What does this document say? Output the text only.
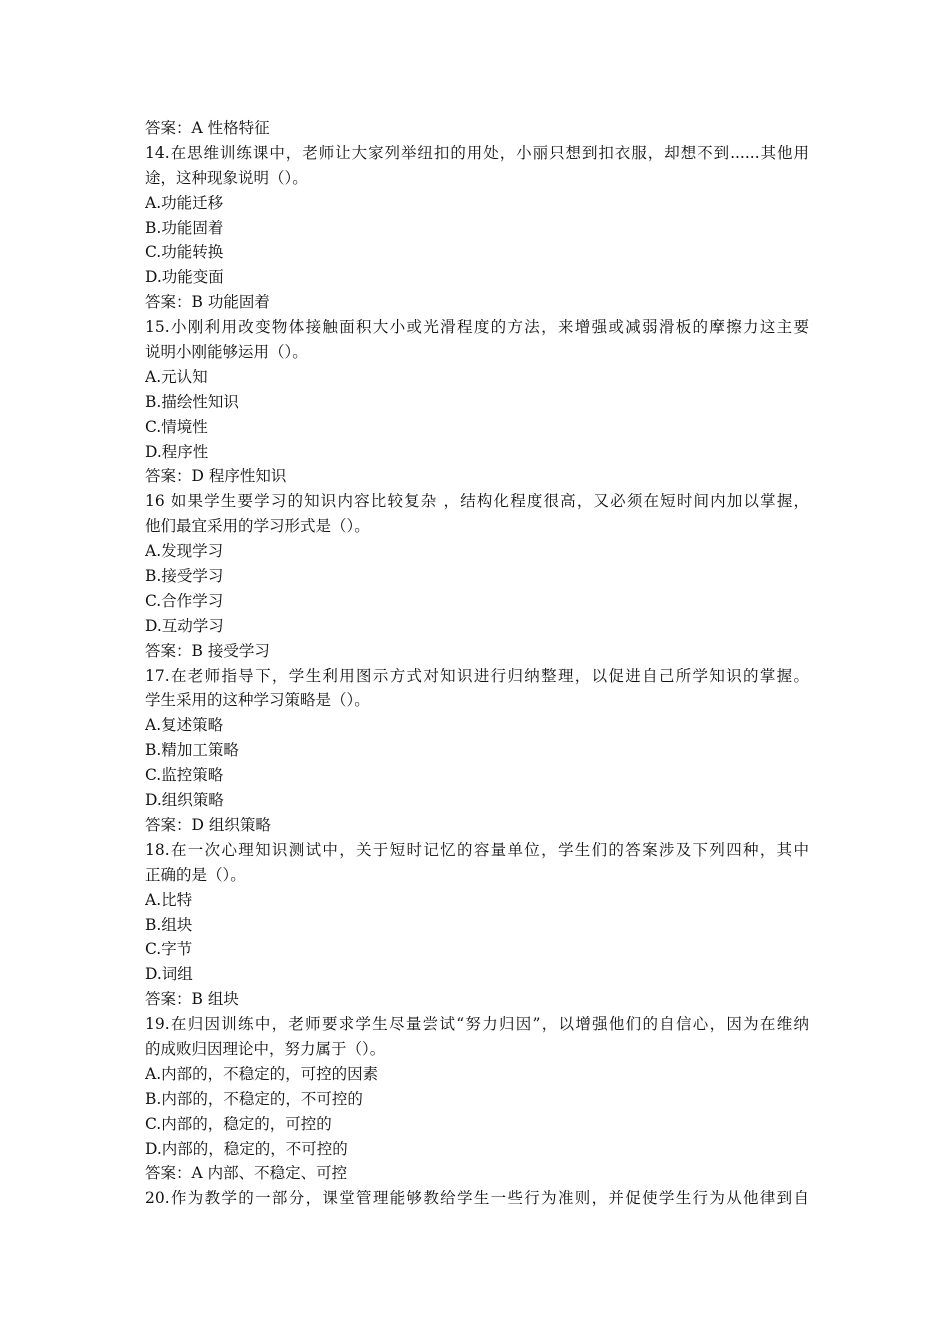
答案：A 性格特征
14.在思维训练课中，老师让大家列举纽扣的用处，小丽只想到扣衣服，却想不到......其他用
途，这种现象说明（）。
A.功能迁移
B.功能固着
C.功能转换
D.功能变面
答案：B 功能固着
15.小刚利用改变物体接触面积大小或光滑程度的方法，来增强或减弱滑板的摩擦力这主要
说明小刚能够运用（）。
A.元认知
B.描绘性知识
C.情境性
D.程序性
答案：D 程序性知识
16 如果学生要学习的知识内容比较复杂 ，结构化程度很高，又必须在短时间内加以掌握，
他们最宜采用的学习形式是（）。
A.发现学习
B.接受学习
C.合作学习
D.互动学习
答案：B 接受学习
17.在老师指导下，学生利用图示方式对知识进行归纳整理，以促进自己所学知识的掌握。
学生采用的这种学习策略是（）。
A.复述策略
B.精加工策略
C.监控策略
D.组织策略
答案：D 组织策略
18.在一次心理知识测试中，关于短时记忆的容量单位，学生们的答案涉及下列四种，其中
正确的是（）。
A.比特
B.组块
C.字节
D.词组
答案：B 组块
19.在归因训练中，老师要求学生尽量尝试“努力归因”，以增强他们的自信心，因为在维纳
的成败归因理论中，努力属于（）。
A.内部的，不稳定的，可控的因素
B.内部的，不稳定的，不可控的
C.内部的，稳定的，可控的
D.内部的，稳定的，不可控的
答案：A 内部、不稳定、可控
20.作为教学的一部分，课堂管理能够教给学生一些行为准则，并促使学生行为从他律到自
